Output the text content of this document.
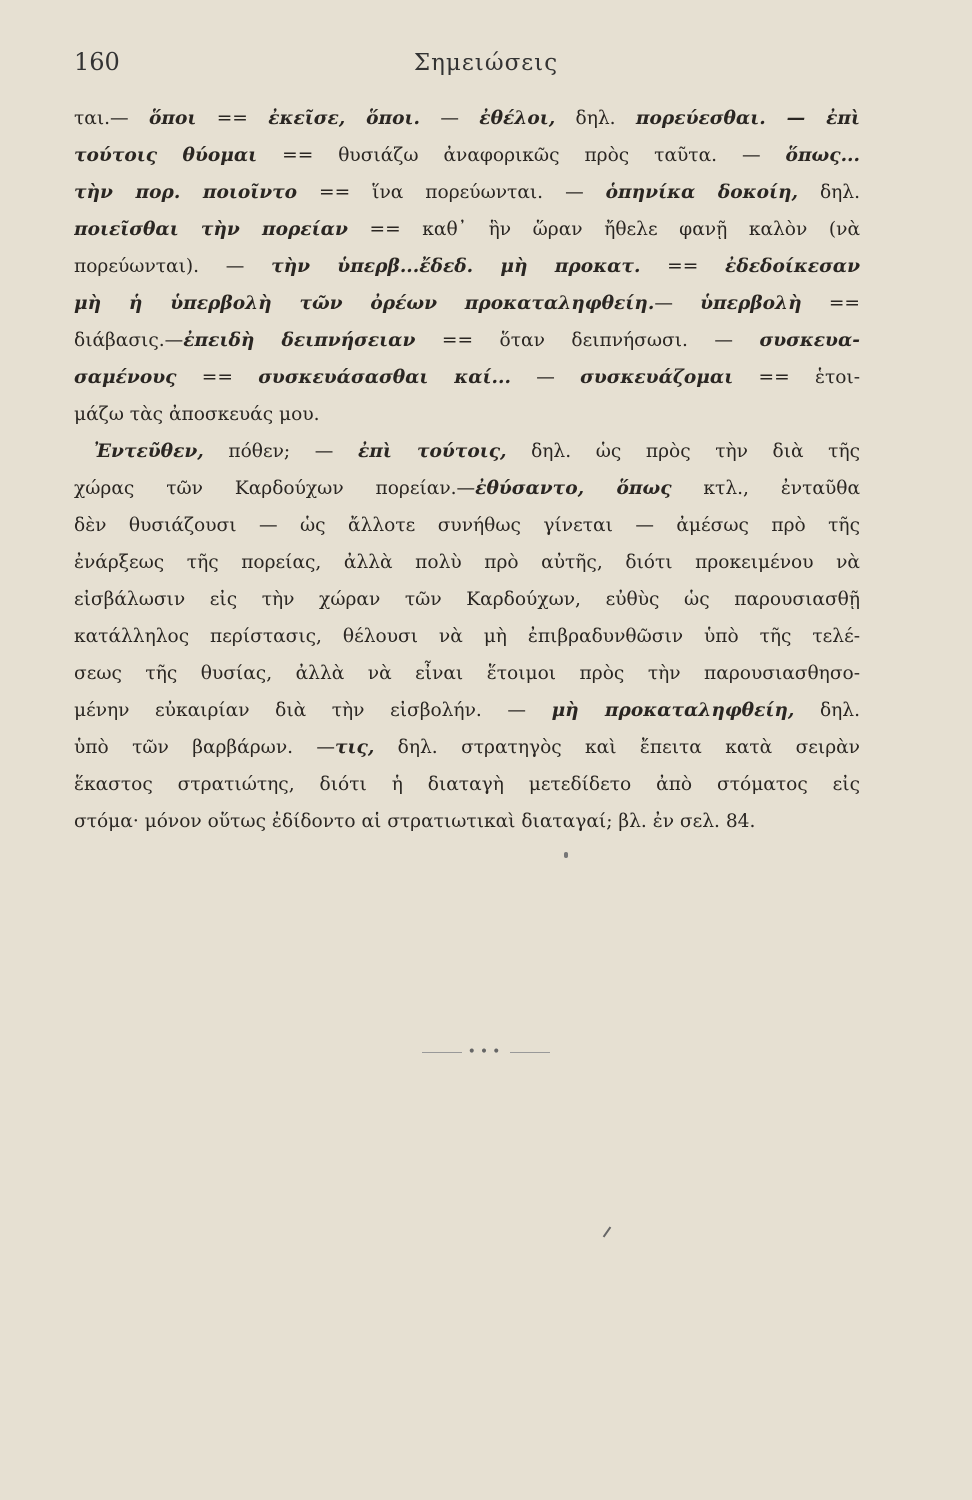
160	Σημειώσεις
ται.— ὅποι == ἐκεῖσε, ὅποι. — ἐθέλοι, δηλ. πορεύεσθαι. — ἐπὶ
τούτοις θύομαι == θυσιάζω ἀναφορικῶς πρὸς ταῦτα. — ὅπως...
τὴν πορ. ποιοῖντο == ἵνα πορεύωνται. — ὁπηνίκα δοκοίη, δηλ.
ποιεῖσθαι τὴν πορείαν == καθ᾽ ἣν ὥραν ἤθελε φανῇ καλὸν (νὰ
πορεύωνται). — τὴν ὑπερβ...ἔδεδ. μὴ προκατ. == ἐδεδοίκεσαν
μὴ ἡ ὑπερβολὴ τῶν ὀρέων προκαταληφθείη.— ὑπερβολὴ ==
διάβασις.—ἐπειδὴ δειπνήσειαν == ὅταν δειπνήσωσι. — συσκευα-
σαμένους == συσκευάσασθαι καί... — συσκευάζομαι == ἑτοι-
μάζω τὰς ἀποσκευάς μου.
Ἐντεῦθεν, πόθεν; — ἐπὶ τούτοις, δηλ. ὡς πρὸς τὴν διὰ τῆς
χώρας τῶν Καρδούχων πορείαν.—ἐθύσαντο, ὅπως κτλ., ἐνταῦθα
δὲν θυσιάζουσι — ὡς ἄλλοτε συνήθως γίνεται — ἀμέσως πρὸ τῆς
ἐνάρξεως τῆς πορείας, ἀλλὰ πολὺ πρὸ αὐτῆς, διότι προκειμένου νὰ
εἰσβάλωσιν εἰς τὴν χώραν τῶν Καρδούχων, εὐθὺς ὡς παρουσιασθῇ
κατάλληλος περίστασις, θέλουσι νὰ μὴ ἐπιβραδυνθῶσιν ὑπὸ τῆς τελέ-
σεως τῆς θυσίας, ἀλλὰ νὰ εἶναι ἕτοιμοι πρὸς τὴν παρουσιασθησο-
μένην εὐκαιρίαν διὰ τὴν εἰσβολήν. — μὴ προκαταληφθείη, δηλ.
ὑπὸ τῶν βαρβάρων. —τις, δηλ. στρατηγὸς καὶ ἔπειτα κατὰ σειρὰν
ἕκαστος στρατιώτης, διότι ἡ διαταγὴ μετεδίδετο ἀπὸ στόματος εἰς
στόμα· μόνον οὕτως ἐδίδοντο αἱ στρατιωτικαὶ διαταγαί; βλ. ἐν σελ. 84.
•••
